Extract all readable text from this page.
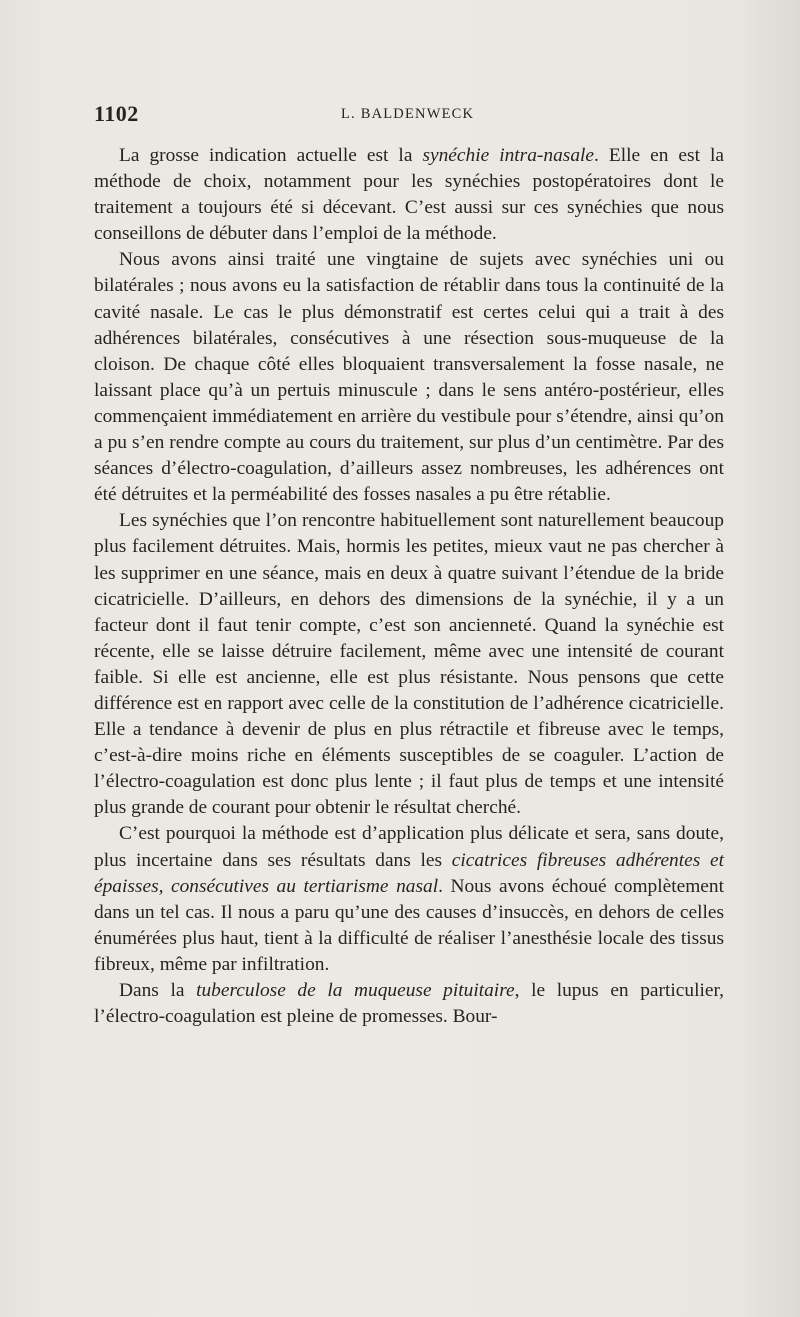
1102	L. BALDENWECK

La grosse indication actuelle est la synéchie intra-nasale. Elle en est la méthode de choix, notamment pour les synéchies postopératoires dont le traitement a toujours été si décevant. C’est aussi sur ces synéchies que nous conseillons de débuter dans l’emploi de la méthode.

Nous avons ainsi traité une vingtaine de sujets avec synéchies uni ou bilatérales ; nous avons eu la satisfaction de rétablir dans tous la continuité de la cavité nasale. Le cas le plus démonstratif est certes celui qui a trait à des adhérences bilatérales, consécutives à une résection sous-muqueuse de la cloison. De chaque côté elles bloquaient transversalement la fosse nasale, ne laissant place qu’à un pertuis minuscule ; dans le sens antéro-postérieur, elles commençaient immédiatement en arrière du vestibule pour s’étendre, ainsi qu’on a pu s’en rendre compte au cours du traitement, sur plus d’un centimètre. Par des séances d’électro-coagulation, d’ailleurs assez nombreuses, les adhérences ont été détruites et la perméabilité des fosses nasales a pu être rétablie.

Les synéchies que l’on rencontre habituellement sont naturellement beaucoup plus facilement détruites. Mais, hormis les petites, mieux vaut ne pas chercher à les supprimer en une séance, mais en deux à quatre suivant l’étendue de la bride cicatricielle. D’ailleurs, en dehors des dimensions de la synéchie, il y a un facteur dont il faut tenir compte, c’est son ancienneté. Quand la synéchie est récente, elle se laisse détruire facilement, même avec une intensité de courant faible. Si elle est ancienne, elle est plus résistante. Nous pensons que cette différence est en rapport avec celle de la constitution de l’adhérence cicatricielle. Elle a tendance à devenir de plus en plus rétractile et fibreuse avec le temps, c’est-à-dire moins riche en éléments susceptibles de se coaguler. L’action de l’électro-coagulation est donc plus lente ; il faut plus de temps et une intensité plus grande de courant pour obtenir le résultat cherché.

C’est pourquoi la méthode est d’application plus délicate et sera, sans doute, plus incertaine dans ses résultats dans les cicatrices fibreuses adhérentes et épaisses, consécutives au tertiarisme nasal. Nous avons échoué complètement dans un tel cas. Il nous a paru qu’une des causes d’insuccès, en dehors de celles énumérées plus haut, tient à la difficulté de réaliser l’anesthésie locale des tissus fibreux, même par infiltration.

Dans la tuberculose de la muqueuse pituitaire, le lupus en particulier, l’électro-coagulation est pleine de promesses. Bour-
